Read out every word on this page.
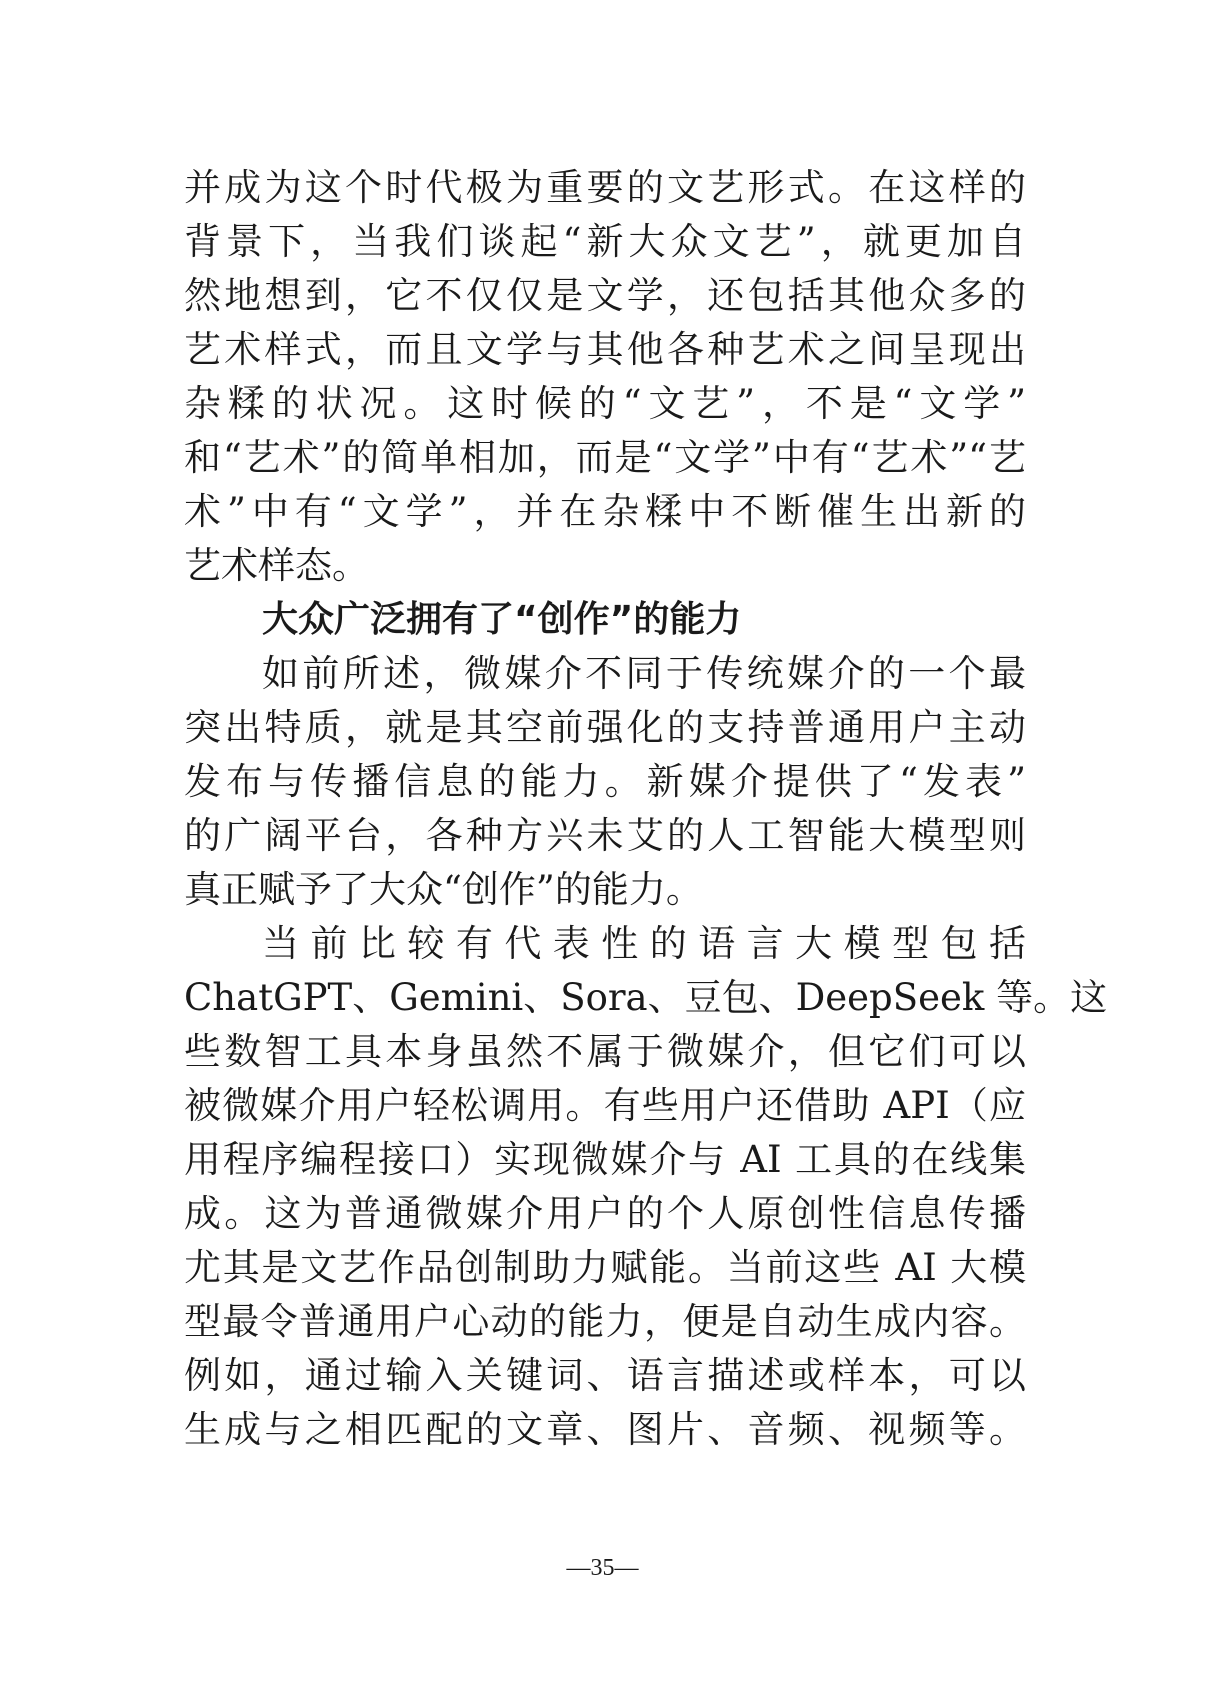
并成为这个时代极为重要的文艺形式。在这样的
背景下，当我们谈起“新大众文艺”，就更加自
然地想到，它不仅仅是文学，还包括其他众多的
艺术样式，而且文学与其他各种艺术之间呈现出
杂糅的状况。这时候的“文艺”，不是“文学”
和“艺术”的简单相加，而是“文学”中有“艺术”“艺
术”中有“文学”，并在杂糅中不断催生出新的
艺术样态。
大众广泛拥有了“创作”的能力
如前所述，微媒介不同于传统媒介的一个最
突出特质，就是其空前强化的支持普通用户主动
发布与传播信息的能力。新媒介提供了“发表”
的广阔平台，各种方兴未艾的人工智能大模型则
真正赋予了大众“创作”的能力。
当前比较有代表性的语言大模型包括
ChatGPT、Gemini、Sora、豆包、DeepSeek 等。这
些数智工具本身虽然不属于微媒介，但它们可以
被微媒介用户轻松调用。有些用户还借助 API（应
用程序编程接口）实现微媒介与 AI 工具的在线集
成。这为普通微媒介用户的个人原创性信息传播
尤其是文艺作品创制助力赋能。当前这些 AI 大模
型最令普通用户心动的能力，便是自动生成内容。
例如，通过输入关键词、语言描述或样本，可以
生成与之相匹配的文章、图片、音频、视频等。
—35—
